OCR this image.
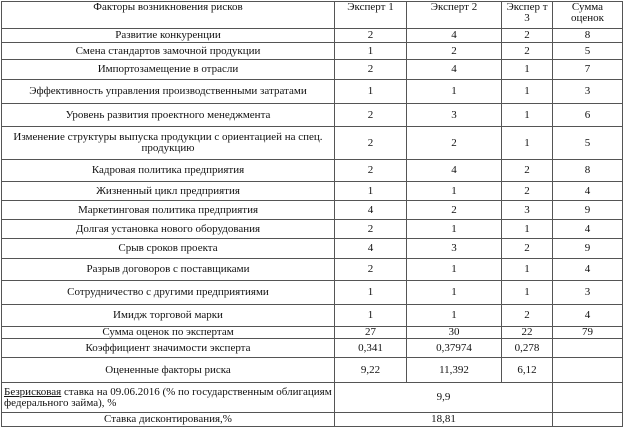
Факторы возникновения рисков	Эксперт 1	Эксперт 2	Экспер т 3	Сумма оценок
Развитие конкуренции	2	4	2	8
Смена стандартов замочной продукции	1	2	2	5
Импортозамещение в отрасли	2	4	1	7
Эффективность управления производственными затратами	1	1	1	3
Уровень развития проектного менеджмента	2	3	1	6
Изменение структуры выпуска продукции с ориентацией на спец. продукцию	2	2	1	5
Кадровая политика предприятия	2	4	2	8
Жизненный цикл предприятия	1	1	2	4
Маркетинговая политика предприятия	4	2	3	9
Долгая установка нового оборудования	2	1	1	4
Срыв сроков проекта	4	3	2	9
Разрыв договоров с поставщиками	2	1	1	4
Сотрудничество с другими предприятиями	1	1	1	3
Имидж торговой марки	1	1	2	4
Сумма оценок по экспертам	27	30	22	79
Коэффициент значимости эксперта	0,341	0,37974	0,278	
Оцененные факторы риска	9,22	11,392	6,12	
Безрисковая ставка на 09.06.2016 (% по государственным облигациям федерального займа), %	9,9			
Ставка дисконтирования,%	18,81			
